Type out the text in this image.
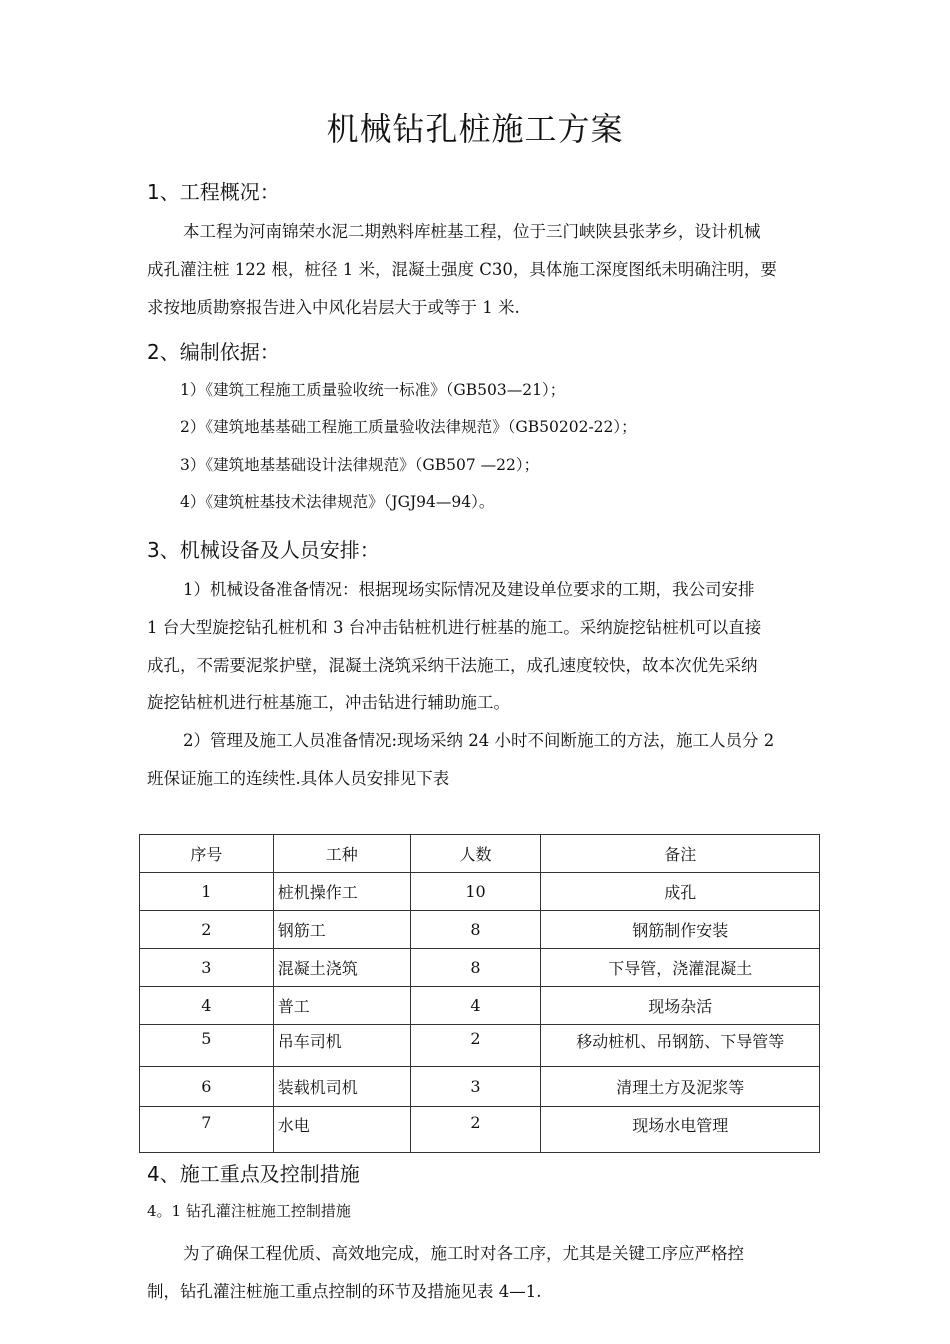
机械钻孔桩施工方案
1、工程概况：
本工程为河南锦荣水泥二期熟料库桩基工程，位于三门峡陕县张茅乡，设计机械
成孔灌注桩 122 根，桩径 1 米，混凝土强度 C30，具体施工深度图纸未明确注明，要
求按地质勘察报告进入中风化岩层大于或等于 1 米.
2、编制依据：
1）《建筑工程施工质量验收统一标准》（GB503—21）；
2）《建筑地基基础工程施工质量验收法律规范》（GB50202-22）；
3）《建筑地基基础设计法律规范》（GB507 —22）；
4）《建筑桩基技术法律规范》（JGJ94—94）。
3、机械设备及人员安排：
1）机械设备准备情况：根据现场实际情况及建设单位要求的工期，我公司安排
1 台大型旋挖钻孔桩机和 3 台冲击钻桩机进行桩基的施工。采纳旋挖钻桩机可以直接
成孔，不需要泥浆护壁，混凝土浇筑采纳干法施工，成孔速度较快，故本次优先采纳
旋挖钻桩机进行桩基施工，冲击钻进行辅助施工。
2）管理及施工人员准备情况:现场采纳 24 小时不间断施工的方法，施工人员分 2
班保证施工的连续性.具体人员安排见下表
序号	工种	人数	备注
1	桩机操作工	10	成孔
2	钢筋工	8	钢筋制作安装
3	混凝土浇筑	8	下导管，浇灌混凝土
4	普工	4	现场杂活
5	吊车司机	2	移动桩机、吊钢筋、下导管等
6	装载机司机	3	清理土方及泥浆等
7	水电	2	现场水电管理
4、施工重点及控制措施
4。1 钻孔灌注桩施工控制措施
为了确保工程优质、高效地完成，施工时对各工序，尤其是关键工序应严格控
制，钻孔灌注桩施工重点控制的环节及措施见表 4—1.
